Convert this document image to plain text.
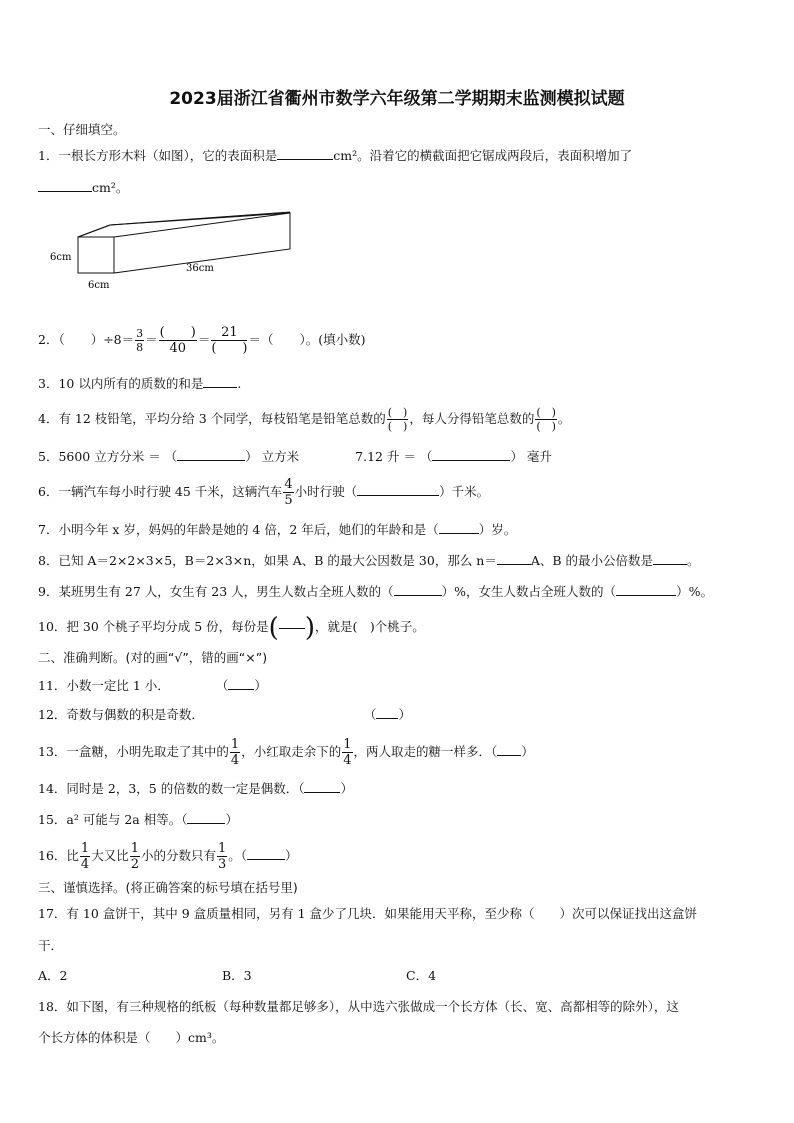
2023届浙江省衢州市数学六年级第二学期期末监测模拟试题
一、仔细填空。
1．一根长方形木料（如图），它的表面积是	cm²。沿着它的横截面把它锯成两段后，表面积增加了
cm²。
6cm
6cm
36cm
2．（ ）$\div 8= \frac{3}{8} = \frac{( )}{40} = \frac{21}{( )}$ ＝（ ）。(填小数)
3．10 以内所有的质数的和是	.
4．有 12 枝铅笔，平均分给 3 个同学，每枝铅笔是铅笔总数的 $\frac{( )}{( )}$ ，每人分得铅笔总数的 $\frac{( )}{( )}$ 。
5．5600 立方分米 ＝ （	） 立方米	7.12 升 ＝ （	） 毫升
6．一辆汽车每小时行驶 45 千米，这辆汽车 $\frac{4}{5}$ 小时行驶（	）千米。
7．小明今年 x 岁，妈妈的年龄是她的 4 倍，2 年后，她们的年龄和是（	）岁。
8．已知 A＝2×2×3×5，B＝2×3×n，如果 A、B 的最大公因数是 30，那么 n＝	A、B 的最小公倍数是	。
9．某班男生有 27 人，女生有 23 人，男生人数占全班人数的（	）%，女生人数占全班人数的（	）%。
10．把 30 个桃子平均分成 5 份，每份是( )，就是(　)个桃子。
二、准确判断。(对的画“√”，错的画“×”)
11．小数一定比 1 小．	（ ）
12．奇数与偶数的积是奇数．	（ ）
13．一盒糖，小明先取走了其中的 $\frac{1}{4}$ ，小红取走余下的 $\frac{1}{4}$ ，两人取走的糖一样多．（ ）
14．同时是 2，3，5 的倍数的数一定是偶数．（	）
15．a² 可能与 2a 相等。（	）
16．比 $\frac{1}{4}$ 大又比 $\frac{1}{2}$ 小的分数只有 $\frac{1}{3}$ 。（	）
三、谨慎选择。(将正确答案的标号填在括号里)
17．有 10 盒饼干，其中 9 盒质量相同，另有 1 盒少了几块．如果能用天平称，至少称（　　）次可以保证找出这盒饼
干．
A．2	B．3	C．4
18．如下图，有三种规格的纸板（每种数量都足够多），从中选六张做成一个长方体（长、宽、高都相等的除外），这
个长方体的体积是（　　）cm³。
